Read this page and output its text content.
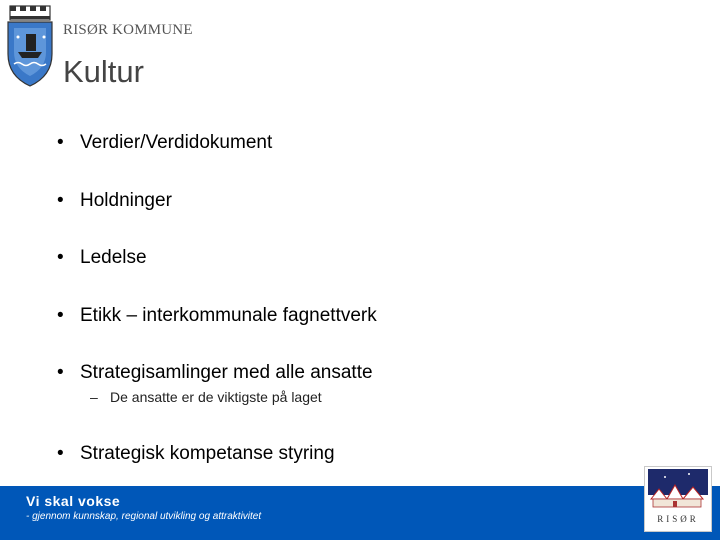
RISØR KOMMUNE
Kultur
• Verdier/Verdidokument
• Holdninger
• Ledelse
• Etikk – interkommunale fagnettverk
• Strategisamlinger med alle ansatte
• Strategisk kompetanse styring
– De ansatte er de viktigste på laget
Vi skal vokse
- gjennom kunnskap, regional utvikling og attraktivitet	RISØR
